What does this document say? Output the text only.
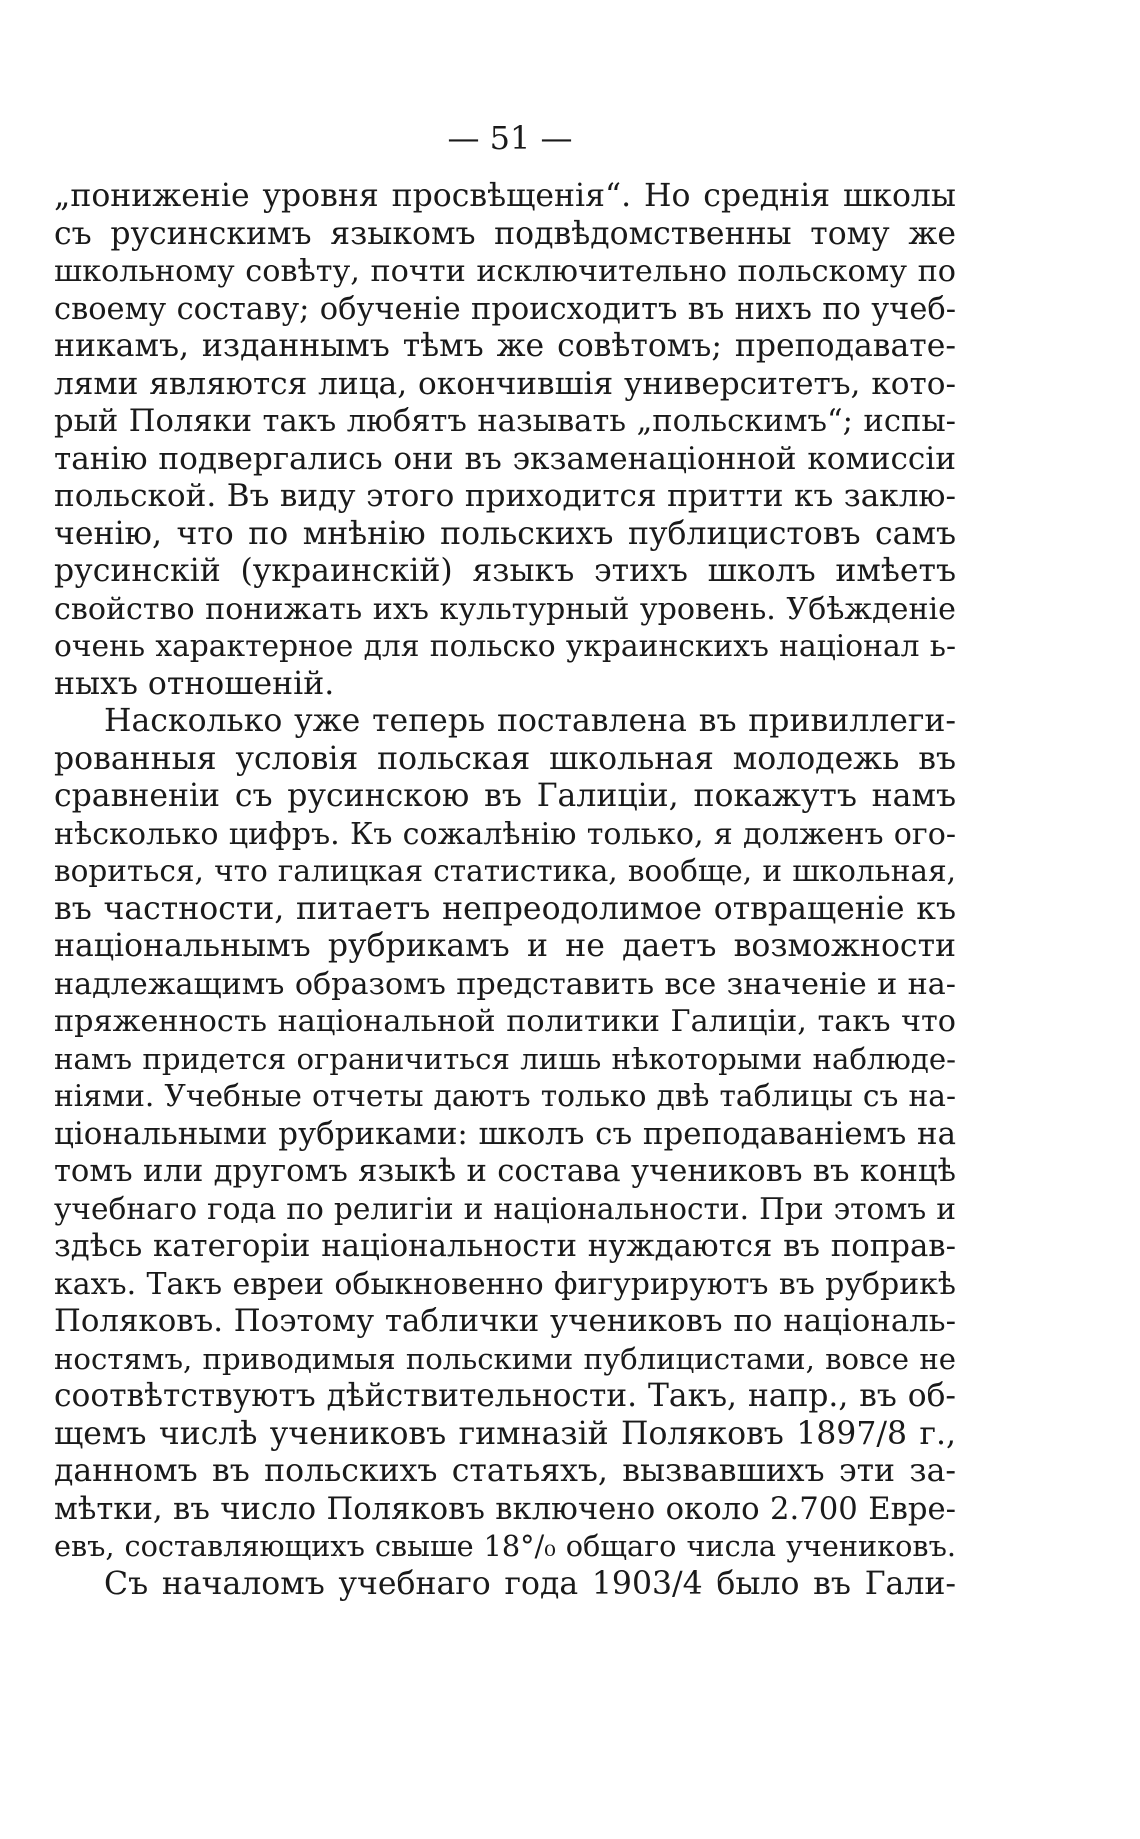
— 51 —
„пониженіе уровня просвѣщенія“. Но среднія школы
съ русинскимъ языкомъ подвѣдомственны тому же
школьному совѣту, почти исключительно польскому по
своему составу; обученіе происходитъ въ нихъ по учеб-
никамъ, изданнымъ тѣмъ же совѣтомъ; преподавате-
лями являются лица, окончившія университетъ, кото-
рый Поляки такъ любятъ называть „польскимъ“; испы-
танію подвергались они въ экзаменаціонной комиссіи
польской. Въ виду этого приходится притти къ заклю-
ченію, что по мнѣнію польскихъ публицистовъ самъ
русинскій (украинскій) языкъ этихъ школъ имѣетъ
свойство понижать ихъ культурный уровень. Убѣжденіе
очень характерное для польско украинскихъ націонал ь-
ныхъ отношеній.
Насколько уже теперь поставлена въ привиллеги-
рованныя условія польская школьная молодежь въ
сравненіи съ русинскою въ Галиціи, покажутъ намъ
нѣсколько цифръ. Къ сожалѣнію только, я долженъ ого-
вориться, что галицкая статистика, вообще, и школьная,
въ частности, питаетъ непреодолимое отвращеніе къ
національнымъ рубрикамъ и не даетъ возможности
надлежащимъ образомъ представить все значеніе и на-
пряженность національной политики Галиціи, такъ что
намъ придется ограничиться лишь нѣкоторыми наблюде-
ніями. Учебные отчеты даютъ только двѣ таблицы съ на-
ціональными рубриками: школъ съ преподаваніемъ на
томъ или другомъ языкѣ и состава учениковъ въ концѣ
учебнаго года по религіи и національности. При этомъ и
здѣсь категоріи національности нуждаются въ поправ-
кахъ. Такъ евреи обыкновенно фигурируютъ въ рубрикѣ
Поляковъ. Поэтому таблички учениковъ по національ-
ностямъ, приводимыя польскими публицистами, вовсе не
соотвѣтствуютъ дѣйствительности. Такъ, напр., въ об-
щемъ числѣ учениковъ гимназій Поляковъ 1897/8 г.,
данномъ въ польскихъ статьяхъ, вызвавшихъ эти за-
мѣтки, въ число Поляковъ включено около 2.700 Евре-
евъ, составляющихъ свыше 18°/₀ общаго числа учениковъ.
Съ началомъ учебнаго года 1903/4 было въ Гали-
